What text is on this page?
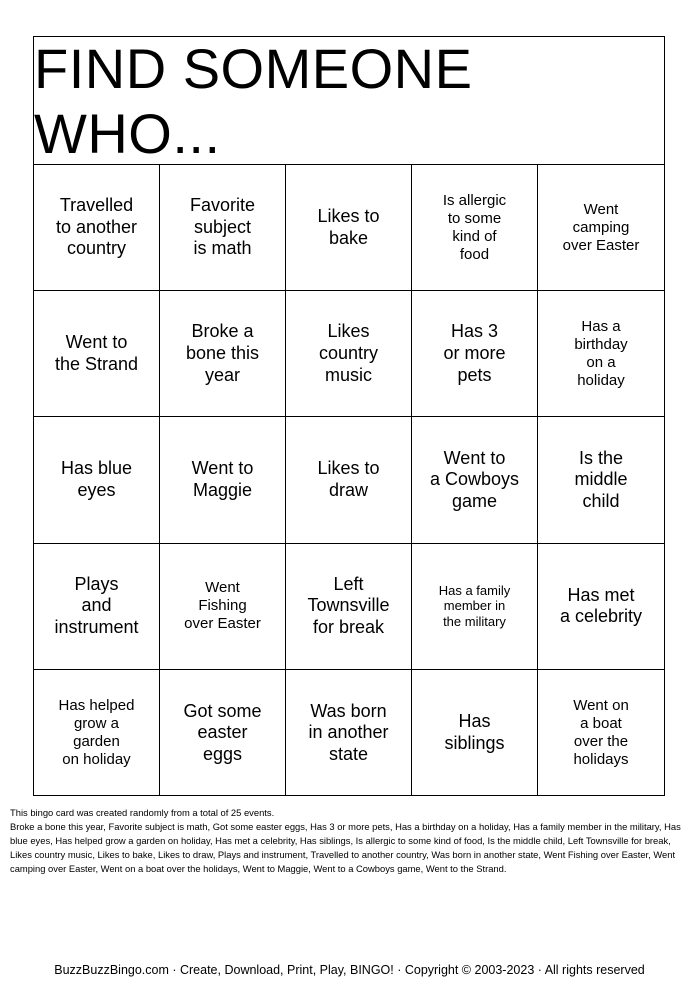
FIND SOMEONE WHO...
Travelled
to another
country
Favorite
subject
is math
Likes to
bake
Is allergic
to some
kind of
food
Went
camping
over Easter
Went to
the Strand
Broke a
bone this
year
Likes
country
music
Has 3
or more
pets
Has a
birthday
on a
holiday
Has blue
eyes
Went to
Maggie
Likes to
draw
Went to
a Cowboys
game
Is the
middle
child
Plays
and
instrument
Went
Fishing
over Easter
Left
Townsville
for break
Has a family
member in
the military
Has met
a celebrity
Has helped
grow a
garden
on holiday
Got some
easter
eggs
Was born
in another
state
Has
siblings
Went on
a boat
over the
holidays
This bingo card was created randomly from a total of 25 events.
Broke a bone this year, Favorite subject is math, Got some easter eggs, Has 3 or more pets, Has a birthday on a holiday, Has a family member in the military, Has blue eyes, Has helped grow a garden on holiday, Has met a celebrity, Has siblings, Is allergic to some kind of food, Is the middle child, Left Townsville for break, Likes country music, Likes to bake, Likes to draw, Plays and instrument, Travelled to another country, Was born in another state, Went Fishing over Easter, Went camping over Easter, Went on a boat over the holidays, Went to Maggie, Went to a Cowboys game, Went to the Strand.
BuzzBuzzBingo.com · Create, Download, Print, Play, BINGO! · Copyright © 2003-2023 · All rights reserved
